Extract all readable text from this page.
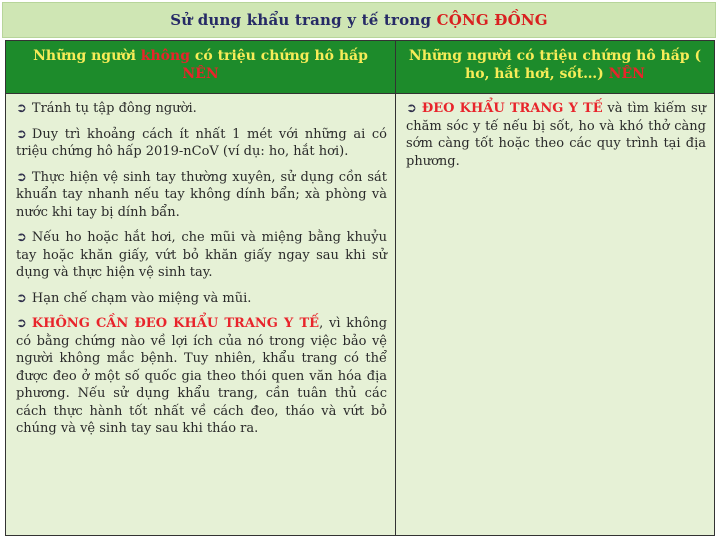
Sử dụng khẩu trang y tế trong CỘNG ĐỒNG
Những người không có triệu chứng hô hấp
NÊN
Những người có triệu chứng hô hấp ( ho, hắt hơi, sốt…) NÊN

➲ Tránh tụ tập đông người.

➲ Duy trì khoảng cách ít nhất 1 mét với những ai có triệu chứng hô hấp 2019-nCoV (ví dụ: ho, hắt hơi).

➲ Thực hiện vệ sinh tay thường xuyên, sử dụng cồn sát khuẩn tay nhanh nếu tay không dính bẩn; xà phòng và nước khi tay bị dính bẩn.

➲ Nếu ho hoặc hắt hơi, che mũi và miệng bằng khuỷu tay hoặc khăn giấy, vứt bỏ khăn giấy ngay sau khi sử dụng và thực hiện vệ sinh tay.

➲ Hạn chế chạm vào miệng và mũi.

➲ KHÔNG CẦN ĐEO KHẨU TRANG Y TẾ, vì không có bằng chứng nào về lợi ích của nó trong việc bảo vệ người không mắc bệnh. Tuy nhiên, khẩu trang có thể được đeo ở một số quốc gia theo thói quen văn hóa địa phương. Nếu sử dụng khẩu trang, cần tuân thủ các cách thực hành tốt nhất về cách đeo, tháo và vứt bỏ chúng và vệ sinh tay sau khi tháo ra.

➲ ĐEO KHẨU TRANG Y TẾ và tìm kiếm sự chăm sóc y tế nếu bị sốt, ho và khó thở càng sớm càng tốt hoặc theo các quy trình tại địa phương.
